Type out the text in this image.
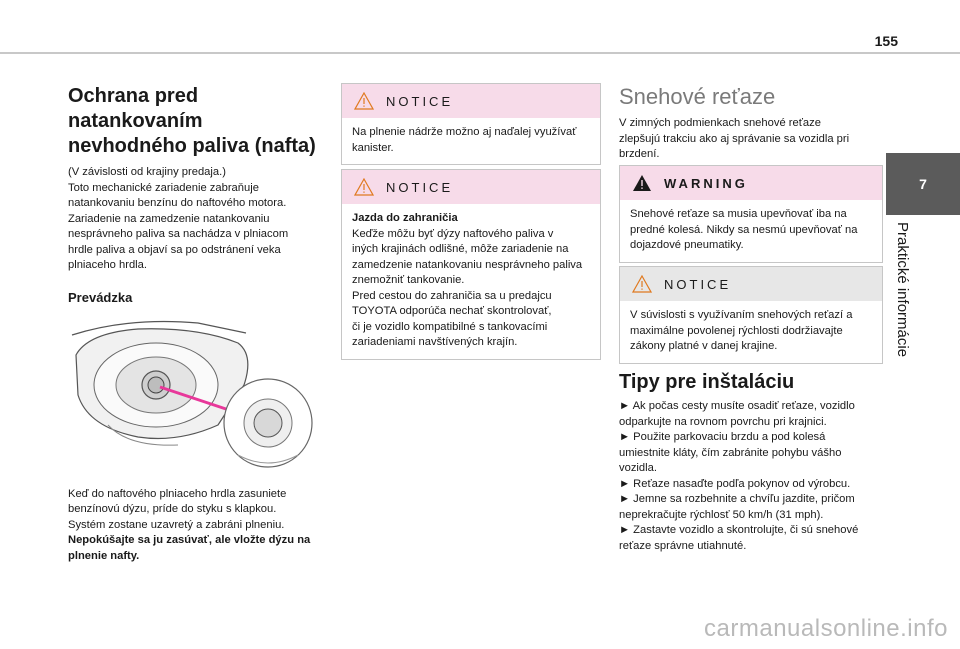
155
7
Praktické informácie
Ochrana pred natankovaním
nevhodného paliva (nafta)
(V závislosti od krajiny predaja.)
Toto mechanické zariadenie zabraňuje
natankovaniu benzínu do naftového motora.
Zariadenie na zamedzenie natankovaniu
nesprávneho paliva sa nachádza v plniacom
hrdle paliva a objaví sa po odstránení veka
plniaceho hrdla.
Prevádzka
Keď do naftového plniaceho hrdla zasuniete
benzínovú dýzu, príde do styku s klapkou.
Systém zostane uzavretý a zabráni plneniu.
Nepokúšajte sa ju zasúvať, ale vložte dýzu na
plnenie nafty.
NOTICE
Na plnenie nádrže možno aj naďalej využívať
kanister.
NOTICE
Jazda do zahraničia
Keďže môžu byť dýzy naftového paliva v
iných krajinách odlišné, môže zariadenie na
zamedzenie natankovaniu nesprávneho paliva
znemožniť tankovanie.
Pred cestou do zahraničia sa u predajcu
TOYOTA odporúča nechať skontrolovať,
či je vozidlo kompatibilné s tankovacími
zariadeniami navštívených krajín.
Snehové reťaze
V zimných podmienkach snehové reťaze
zlepšujú trakciu ako aj správanie sa vozidla pri
brzdení.
WARNING
Snehové reťaze sa musia upevňovať iba na
predné kolesá. Nikdy sa nesmú upevňovať na
dojazdové pneumatiky.
NOTICE
V súvislosti s využívaním snehových reťazí a
maximálne povolenej rýchlosti dodržiavajte
zákony platné v danej krajine.
Tipy pre inštaláciu
► Ak počas cesty musíte osadiť reťaze, vozidlo
odparkujte na rovnom povrchu pri krajnici.
► Použite parkovaciu brzdu a pod kolesá
umiestnite kláty, čím zabránite pohybu vášho
vozidla.
► Reťaze nasaďte podľa pokynov od výrobcu.
► Jemne sa rozbehnite a chvíľu jazdite, pričom
neprekračujte rýchlosť 50 km/h (31 mph).
► Zastavte vozidlo a skontrolujte, či sú snehové
reťaze správne utiahnuté.
carmanualsonline.info
